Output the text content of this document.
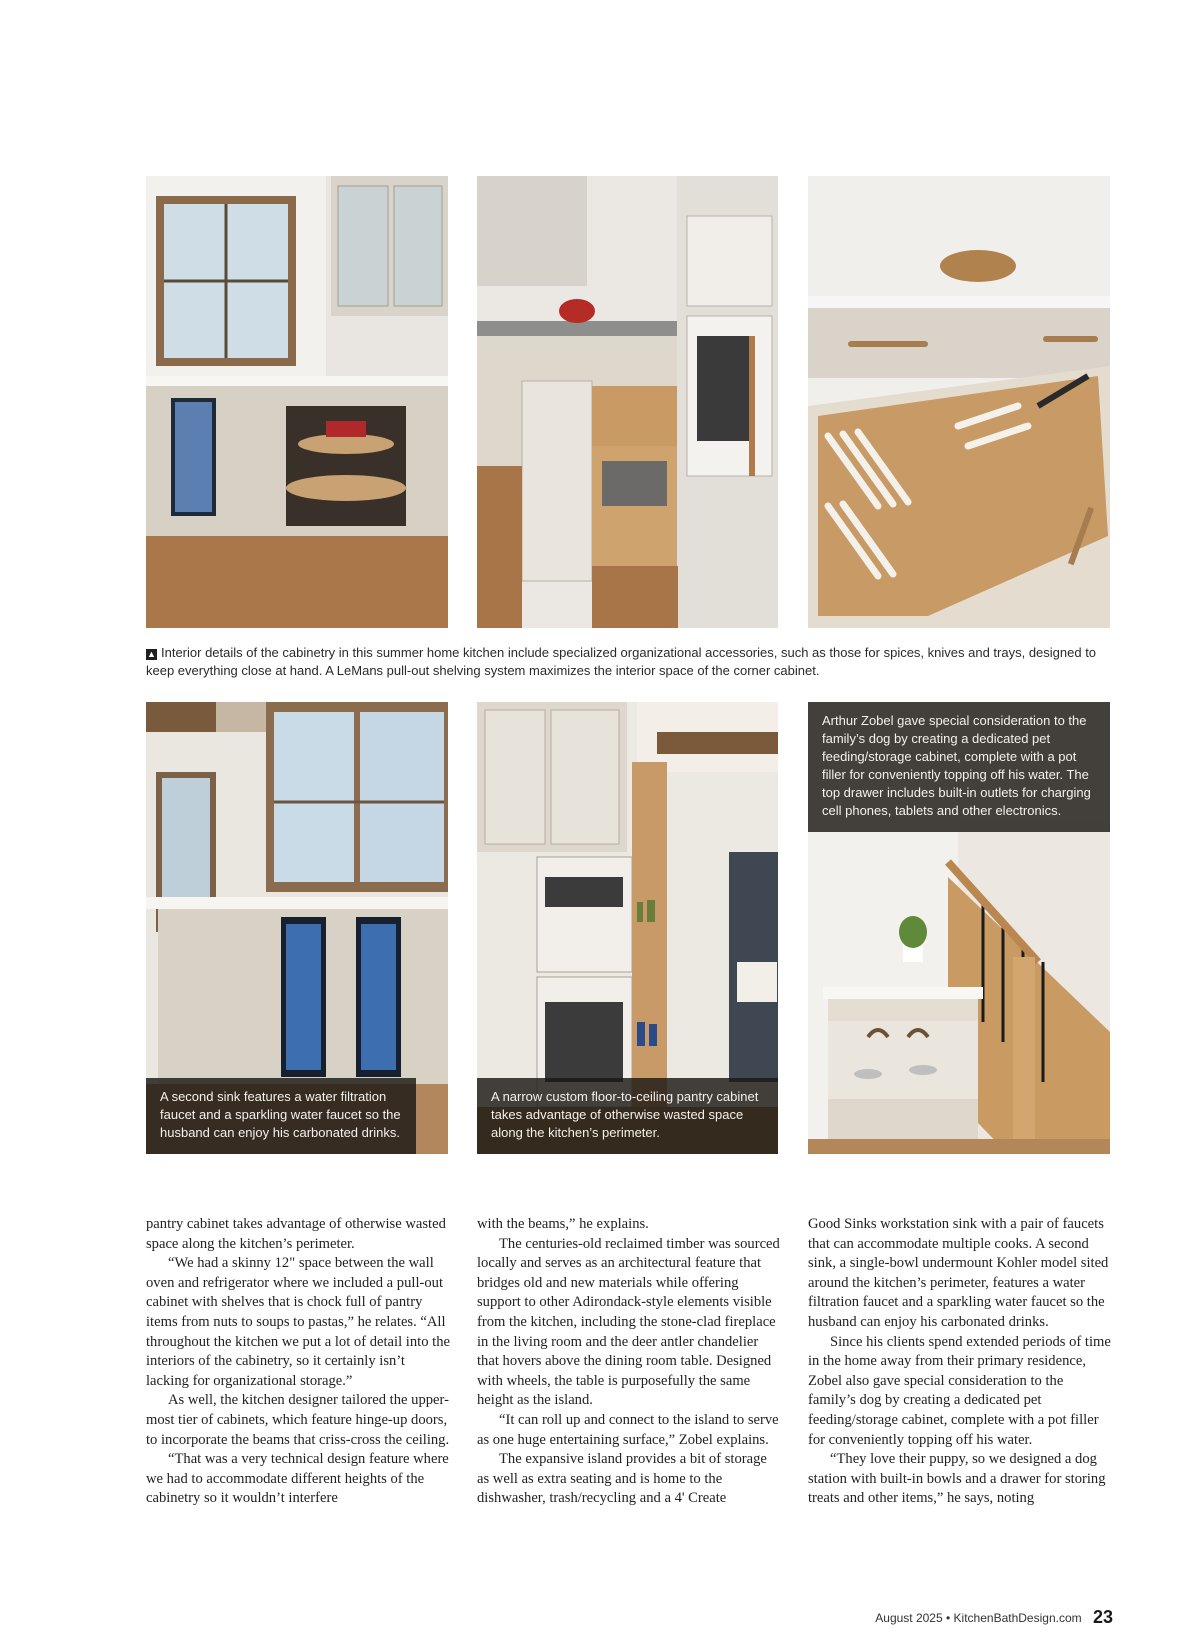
▲ Interior details of the cabinetry in this summer home kitchen include specialized organizational accessories, such as those for spices, knives and trays, designed to keep everything close at hand. A LeMans pull-out shelving system maximizes the interior space of the corner cabinet.
A second sink features a water filtration faucet and a sparkling water faucet so the husband can enjoy his carbonated drinks.
A narrow custom floor-to-ceiling pantry cabinet takes advantage of otherwise wasted space along the kitchen’s perimeter.
Arthur Zobel gave special consideration to the family’s dog by creating a dedicated pet feeding/storage cabinet, complete with a pot filler for conveniently topping off his water. The top drawer includes built-in outlets for charging cell phones, tablets and other electronics.

pantry cabinet takes advantage of otherwise wasted space along the kitchen’s perimeter.

“We had a skinny 12" space between the wall oven and refrigerator where we included a pull-out cabinet with shelves that is chock full of pantry items from nuts to soups to pastas,” he relates. “All throughout the kitchen we put a lot of detail into the interiors of the cabinetry, so it certainly isn’t lacking for organizational storage.”

As well, the kitchen designer tailored the upper-most tier of cabinets, which feature hinge-up doors, to incorporate the beams that criss-cross the ceiling.

“That was a very technical design feature where we had to accommodate different heights of the cabinetry so it wouldn’t interfere

with the beams,” he explains.

The centuries-old reclaimed timber was sourced locally and serves as an architectural feature that bridges old and new materials while offering support to other Adirondack-style elements visible from the kitchen, including the stone-clad fireplace in the living room and the deer antler chandelier that hovers above the dining room table. Designed with wheels, the table is purposefully the same height as the island.

“It can roll up and connect to the island to serve as one huge entertaining surface,” Zobel explains.

The expansive island provides a bit of storage as well as extra seating and is home to the dishwasher, trash/recycling and a 4' Create

Good Sinks workstation sink with a pair of faucets that can accommodate multiple cooks. A second sink, a single-bowl undermount Kohler model sited around the kitchen’s perimeter, features a water filtration faucet and a sparkling water faucet so the husband can enjoy his carbonated drinks.

Since his clients spend extended periods of time in the home away from their primary residence, Zobel also gave special consideration to the family’s dog by creating a dedicated pet feeding/storage cabinet, complete with a pot filler for conveniently topping off his water.

“They love their puppy, so we designed a dog station with built-in bowls and a drawer for storing treats and other items,” he says, noting

August 2025 • KitchenBathDesign.com 23
